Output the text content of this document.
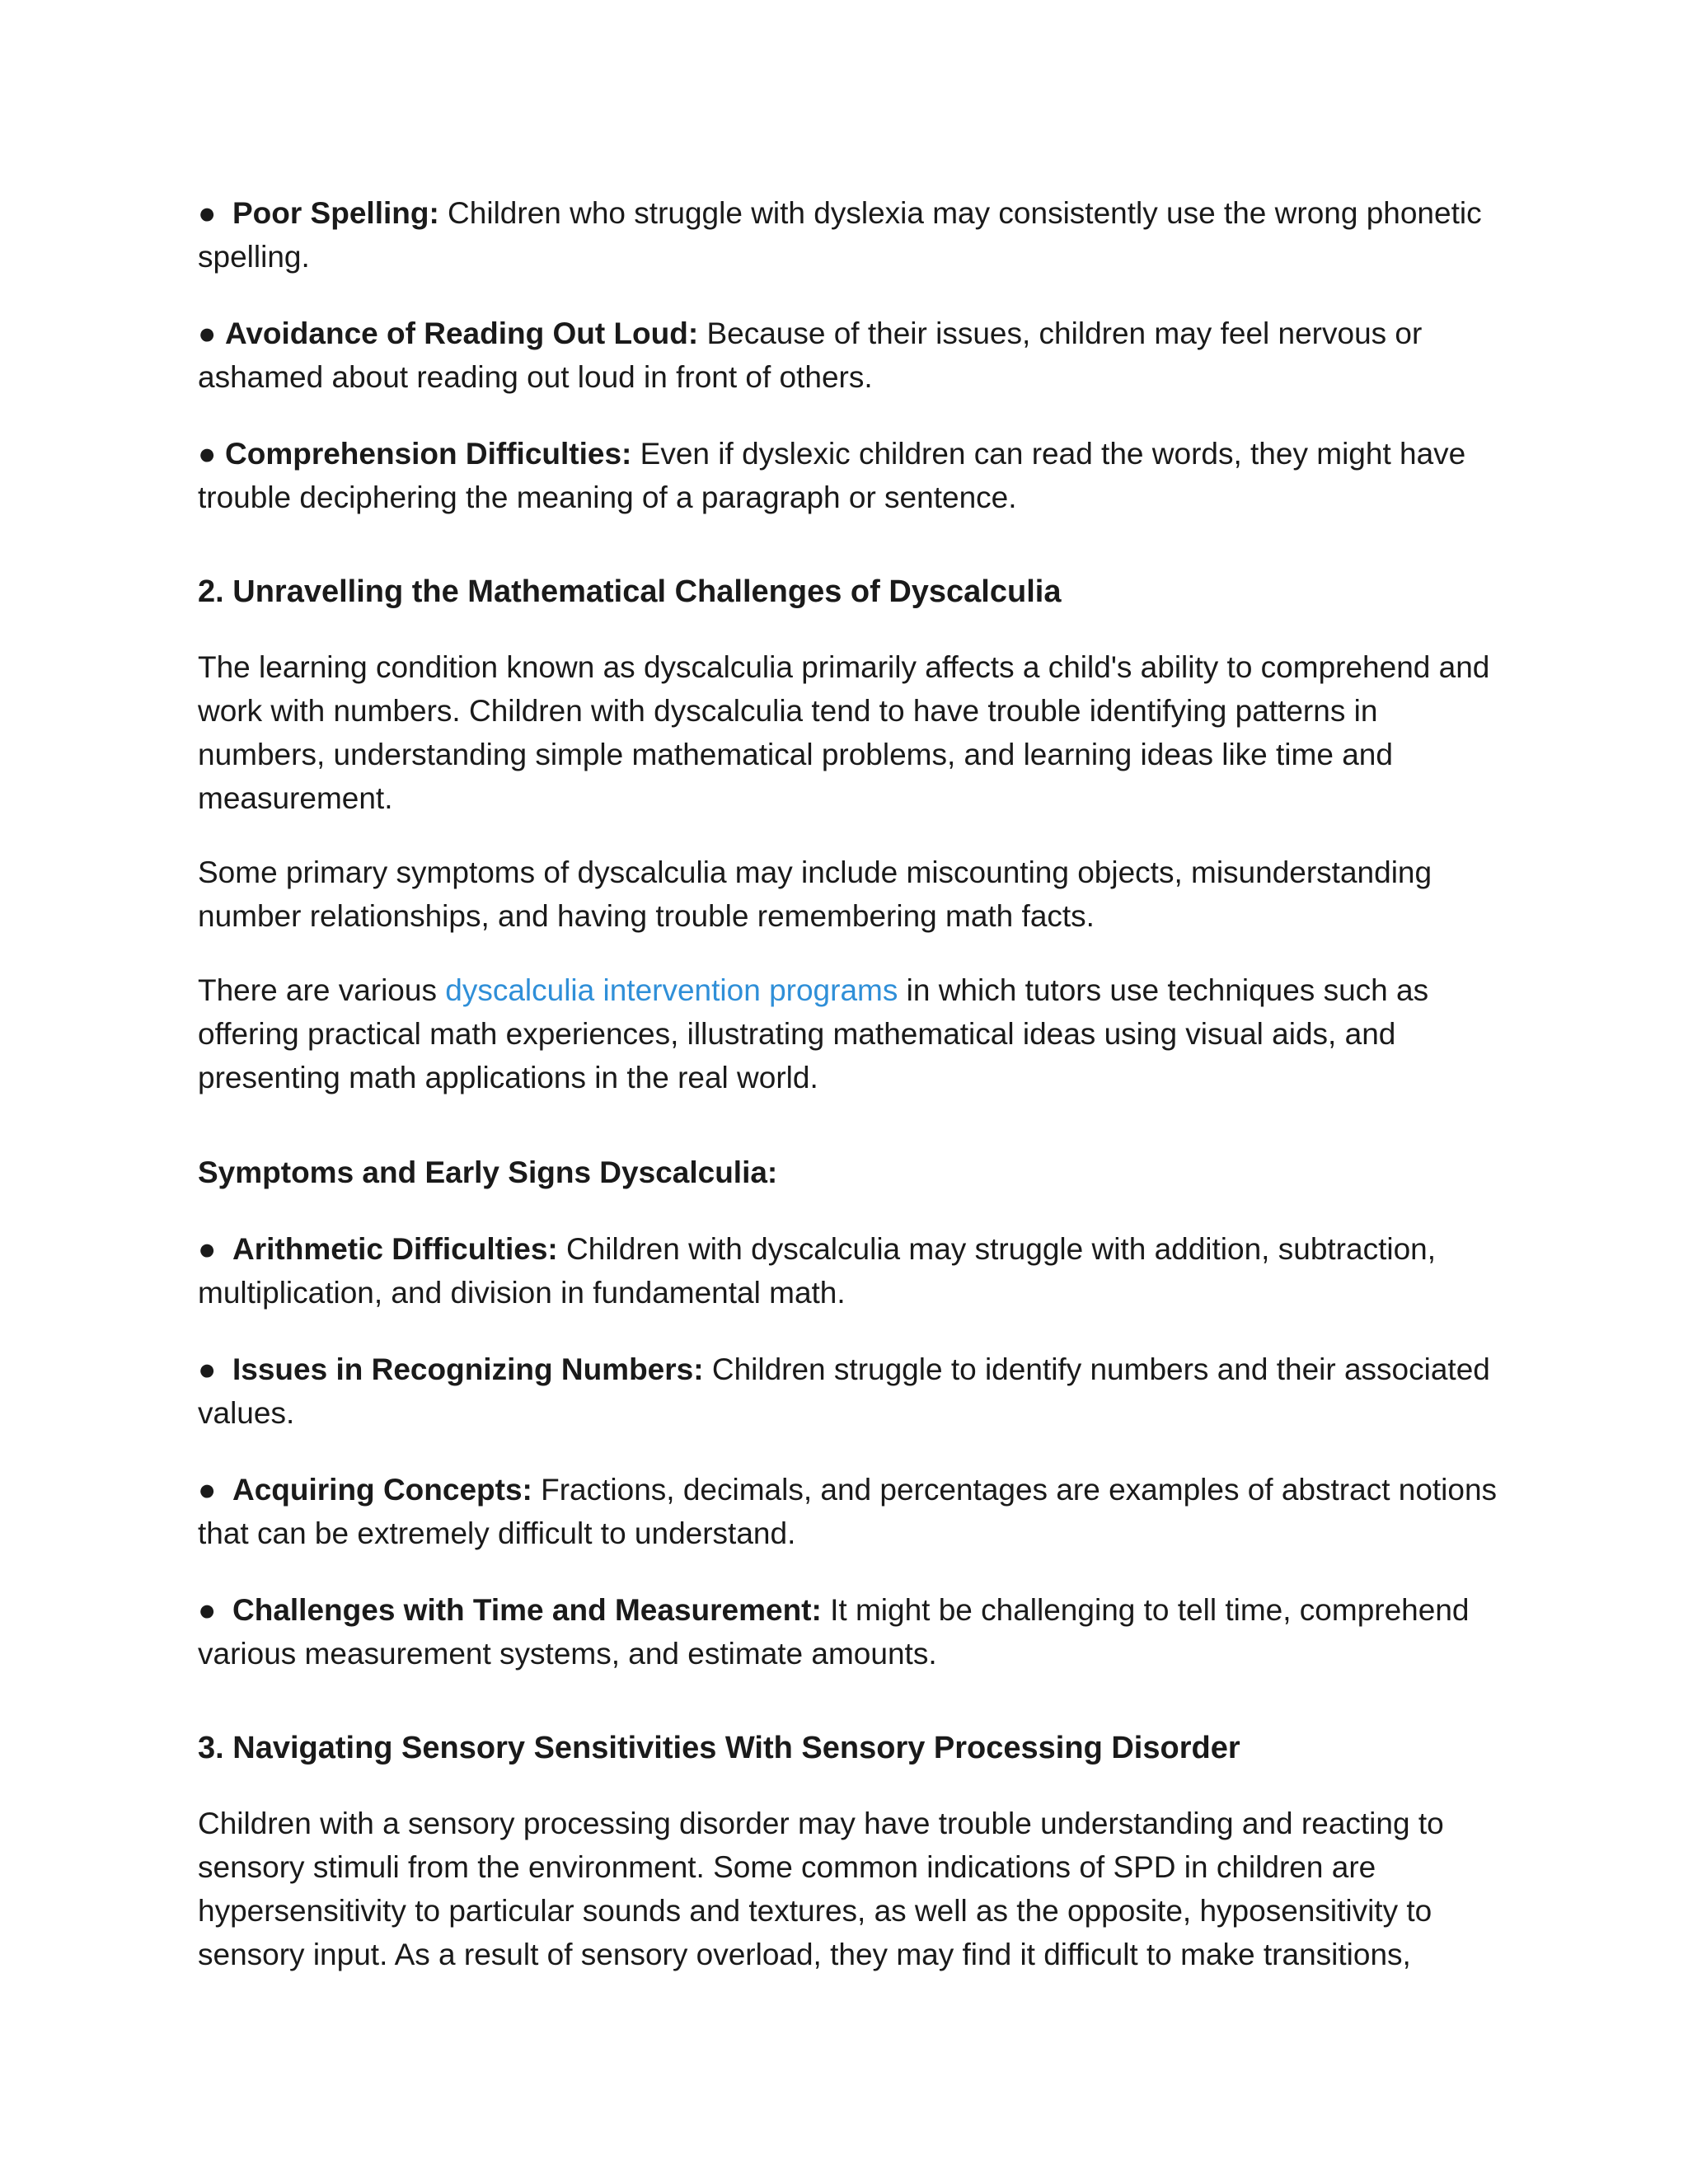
● Poor Spelling: Children who struggle with dyslexia may consistently use the wrong phonetic spelling.

● Avoidance of Reading Out Loud: Because of their issues, children may feel nervous or ashamed about reading out loud in front of others.

● Comprehension Difficulties: Even if dyslexic children can read the words, they might have trouble deciphering the meaning of a paragraph or sentence.

2. Unravelling the Mathematical Challenges of Dyscalculia

The learning condition known as dyscalculia primarily affects a child's ability to comprehend and work with numbers. Children with dyscalculia tend to have trouble identifying patterns in numbers, understanding simple mathematical problems, and learning ideas like time and measurement.

Some primary symptoms of dyscalculia may include miscounting objects, misunderstanding number relationships, and having trouble remembering math facts.

There are various dyscalculia intervention programs in which tutors use techniques such as offering practical math experiences, illustrating mathematical ideas using visual aids, and presenting math applications in the real world.

Symptoms and Early Signs Dyscalculia:

● Arithmetic Difficulties: Children with dyscalculia may struggle with addition, subtraction, multiplication, and division in fundamental math.

● Issues in Recognizing Numbers: Children struggle to identify numbers and their associated values.

● Acquiring Concepts: Fractions, decimals, and percentages are examples of abstract notions that can be extremely difficult to understand.

● Challenges with Time and Measurement: It might be challenging to tell time, comprehend various measurement systems, and estimate amounts.

3. Navigating Sensory Sensitivities With Sensory Processing Disorder

Children with a sensory processing disorder may have trouble understanding and reacting to sensory stimuli from the environment. Some common indications of SPD in children are hypersensitivity to particular sounds and textures, as well as the opposite, hyposensitivity to sensory input. As a result of sensory overload, they may find it difficult to make transitions,
